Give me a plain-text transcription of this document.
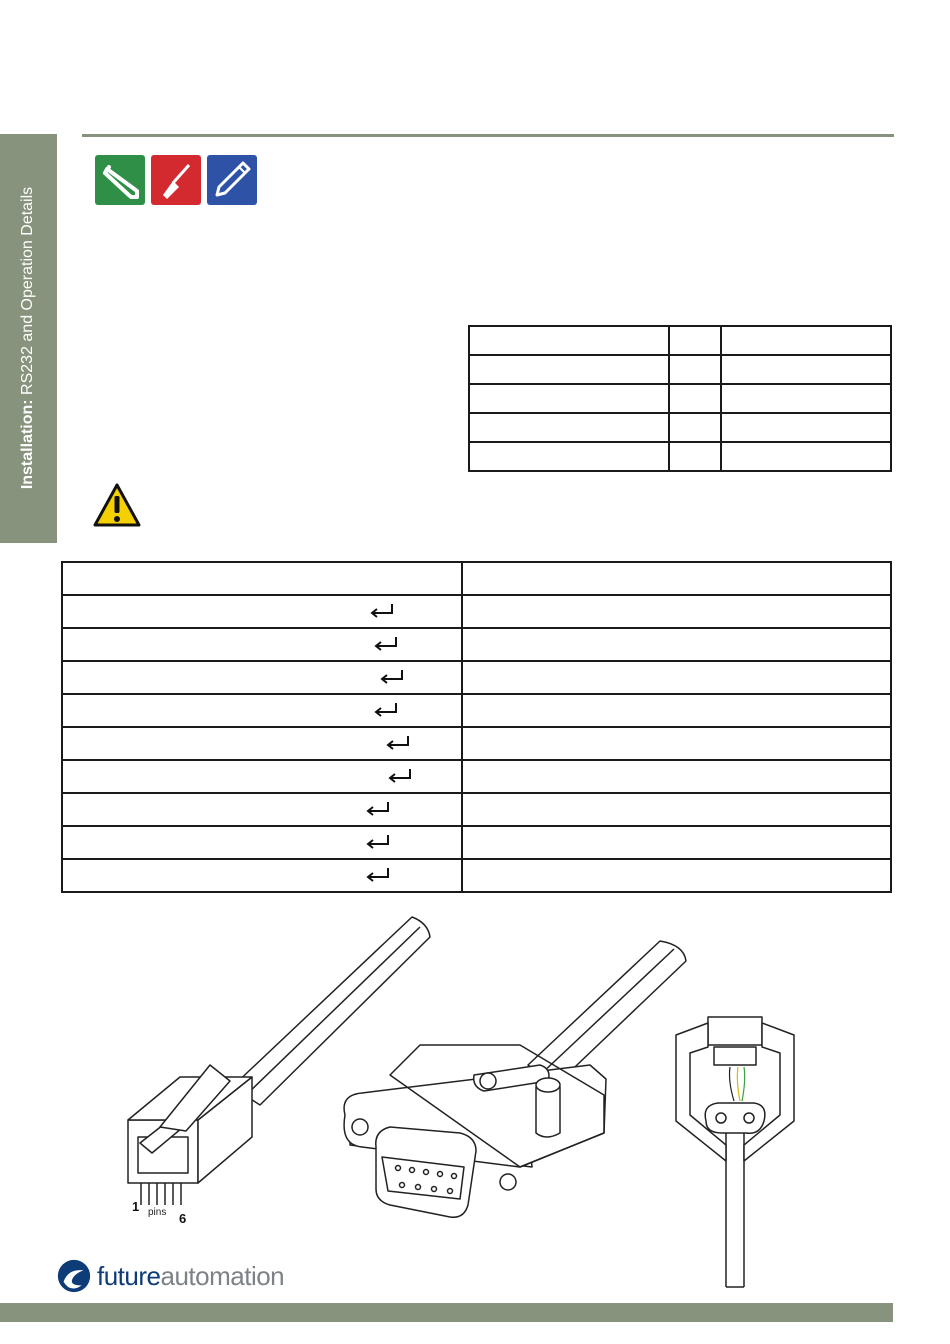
Installation: RS232 and Operation Details

1
6
pins
futureautomation
